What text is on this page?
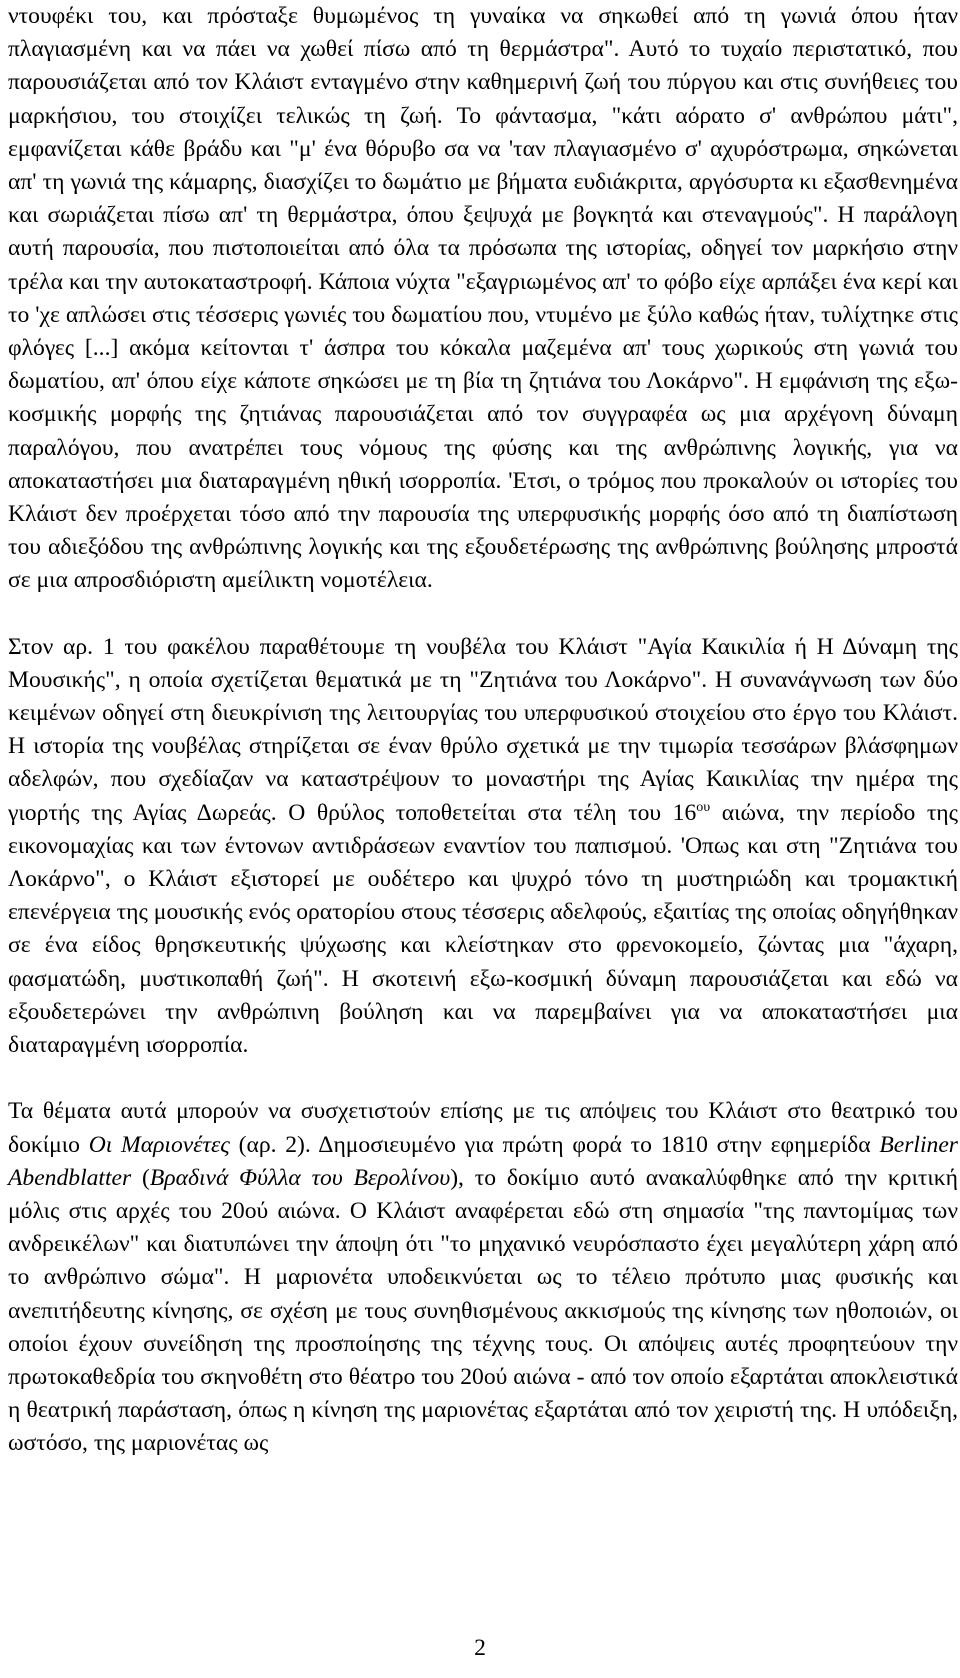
ντουφέκι του, και πρόσταξε θυμωμένος τη γυναίκα να σηκωθεί από τη γωνιά όπου ήταν πλαγιασμένη και να πάει να χωθεί πίσω από τη θερμάστρα". Αυτό το τυχαίο περιστατικό, που παρουσιάζεται από τον Κλάιστ ενταγμένο στην καθημερινή ζωή του πύργου και στις συνήθειες του μαρκήσιου, του στοιχίζει τελικώς τη ζωή. Το φάντασμα, "κάτι αόρατο σ' ανθρώπου μάτι", εμφανίζεται κάθε βράδυ και "μ' ένα θόρυβο σα να 'ταν πλαγιασμένο σ' αχυρόστρωμα, σηκώνεται απ' τη γωνιά της κάμαρης, διασχίζει το δωμάτιο με βήματα ευδιάκριτα, αργόσυρτα κι εξασθενημένα και σωριάζεται πίσω απ' τη θερμάστρα, όπου ξεψυχά με βογκητά και στεναγμούς". Η παράλογη αυτή παρουσία, που πιστοποιείται από όλα τα πρόσωπα της ιστορίας, οδηγεί τον μαρκήσιο στην τρέλα και την αυτοκαταστροφή. Κάποια νύχτα "εξαγριωμένος απ' το φόβο είχε αρπάξει ένα κερί και το 'χε απλώσει στις τέσσερις γωνιές του δωματίου που, ντυμένο με ξύλο καθώς ήταν, τυλίχτηκε στις φλόγες [...] ακόμα κείτονται τ' άσπρα του κόκαλα μαζεμένα απ' τους χωρικούς στη γωνιά του δωματίου, απ' όπου είχε κάποτε σηκώσει με τη βία τη ζητιάνα του Λοκάρνο". Η εμφάνιση της εξω-κοσμικής μορφής της ζητιάνας παρουσιάζεται από τον συγγραφέα ως μια αρχέγονη δύναμη παραλόγου, που ανατρέπει τους νόμους της φύσης και της ανθρώπινης λογικής, για να αποκαταστήσει μια διαταραγμένη ηθική ισορροπία. 'Ετσι, ο τρόμος που προκαλούν οι ιστορίες του Κλάιστ δεν προέρχεται τόσο από την παρουσία της υπερφυσικής μορφής όσο από τη διαπίστωση του αδιεξόδου της ανθρώπινης λογικής και της εξουδετέρωσης της ανθρώπινης βούλησης μπροστά σε μια απροσδιόριστη αμείλικτη νομοτέλεια.

Στον αρ. 1 του φακέλου παραθέτουμε τη νουβέλα του Κλάιστ "Αγία Καικιλία ή Η Δύναμη της Μουσικής", η οποία σχετίζεται θεματικά με τη "Ζητιάνα του Λοκάρνο". Η συνανάγνωση των δύο κειμένων οδηγεί στη διευκρίνιση της λειτουργίας του υπερφυσικού στοιχείου στο έργο του Κλάιστ. Η ιστορία της νουβέλας στηρίζεται σε έναν θρύλο σχετικά με την τιμωρία τεσσάρων βλάσφημων αδελφών, που σχεδίαζαν να καταστρέψουν το μοναστήρι της Αγίας Καικιλίας την ημέρα της γιορτής της Αγίας Δωρεάς. Ο θρύλος τοποθετείται στα τέλη του $16^{o\upsilon}$ αιώνα, την περίοδο της εικονομαχίας και των έντονων αντιδράσεων εναντίον του παπισμού. 'Οπως και στη "Ζητιάνα του Λοκάρνο", ο Κλάιστ εξιστορεί με ουδέτερο και ψυχρό τόνο τη μυστηριώδη και τρομακτική επενέργεια της μουσικής ενός ορατορίου στους τέσσερις αδελφούς, εξαιτίας της οποίας οδηγήθηκαν σε ένα είδος θρησκευτικής ψύχωσης και κλείστηκαν στο φρενοκομείο, ζώντας μια "άχαρη, φασματώδη, μυστικοπαθή ζωή". Η σκοτεινή εξω-κοσμική δύναμη παρουσιάζεται και εδώ να εξουδετερώνει την ανθρώπινη βούληση και να παρεμβαίνει για να αποκαταστήσει μια διαταραγμένη ισορροπία.

Τα θέματα αυτά μπορούν να συσχετιστούν επίσης με τις απόψεις του Κλάιστ στο θεατρικό του δοκίμιο Οι Μαριονέτες (αρ. 2). Δημοσιευμένο για πρώτη φορά το 1810 στην εφημερίδα Berliner Abendblatter (Βραδινά Φύλλα του Βερολίνου), το δοκίμιο αυτό ανακαλύφθηκε από την κριτική μόλις στις αρχές του 20ού αιώνα. Ο Κλάιστ αναφέρεται εδώ στη σημασία "της παντομίμας των ανδρεικέλων" και διατυπώνει την άποψη ότι "το μηχανικό νευρόσπαστο έχει μεγαλύτερη χάρη από το ανθρώπινο σώμα". Η μαριονέτα υποδεικνύεται ως το τέλειο πρότυπο μιας φυσικής και ανεπιτήδευτης κίνησης, σε σχέση με τους συνηθισμένους ακκισμούς της κίνησης των ηθοποιών, οι οποίοι έχουν συνείδηση της προσποίησης της τέχνης τους. Οι απόψεις αυτές προφητεύουν την πρωτοκαθεδρία του σκηνοθέτη στο θέατρο του 20ού αιώνα - από τον οποίο εξαρτάται αποκλειστικά η θεατρική παράσταση, όπως η κίνηση της μαριονέτας εξαρτάται από τον χειριστή της. Η υπόδειξη, ωστόσο, της μαριονέτας ως

2
